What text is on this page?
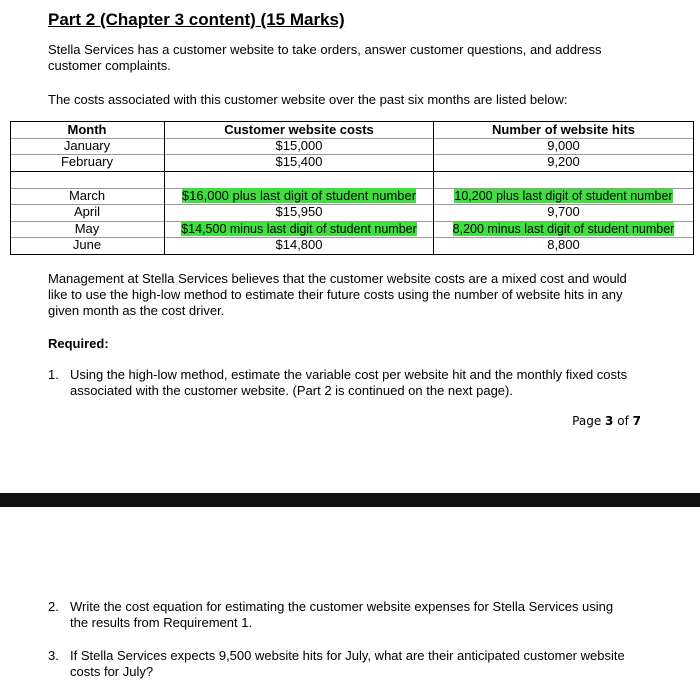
Part 2 (Chapter 3 content) (15 Marks)
Stella Services has a customer website to take orders, answer customer questions, and address customer complaints.
The costs associated with this customer website over the past six months are listed below:
Month	Customer website costs	Number of website hits
January	$15,000	9,000
February	$15,400	9,200
March	$16,000 plus last digit of student number	10,200 plus last digit of student number
April	$15,950	9,700
May	$14,500 minus last digit of student number	8,200 minus last digit of student number
June	$14,800	8,800
Management at Stella Services believes that the customer website costs are a mixed cost and would like to use the high-low method to estimate their future costs using the number of website hits in any given month as the cost driver.
Required:
1. Using the high-low method, estimate the variable cost per website hit and the monthly fixed costs associated with the customer website. (Part 2 is continued on the next page).
Page 3 of 7
2. Write the cost equation for estimating the customer website expenses for Stella Services using the results from Requirement 1.
3. If Stella Services expects 9,500 website hits for July, what are their anticipated customer website costs for July?
